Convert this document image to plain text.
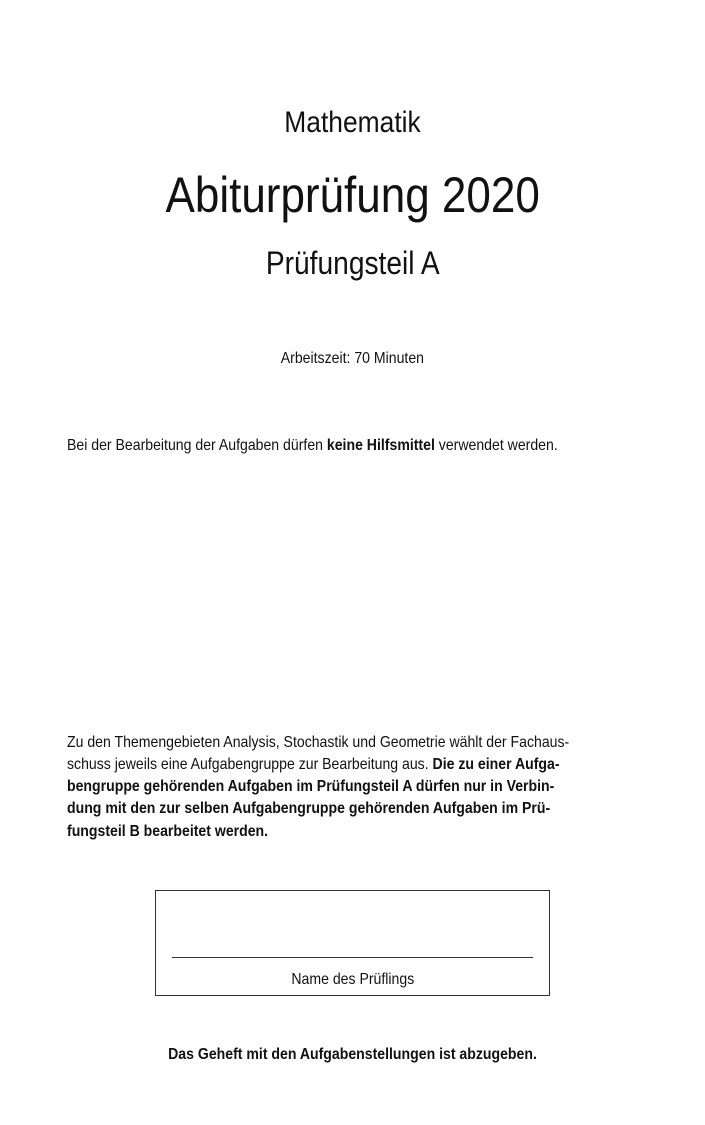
Mathematik
Abiturprüfung 2020
Prüfungsteil A
Arbeitszeit: 70 Minuten
Bei der Bearbeitung der Aufgaben dürfen keine Hilfsmittel verwendet werden.
Zu den Themengebieten Analysis, Stochastik und Geometrie wählt der Fachaus-
schuss jeweils eine Aufgabengruppe zur Bearbeitung aus. Die zu einer Aufga-
bengruppe gehörenden Aufgaben im Prüfungsteil A dürfen nur in Verbin-
dung mit den zur selben Aufgabengruppe gehörenden Aufgaben im Prü-
fungsteil B bearbeitet werden.
Name des Prüflings
Das Geheft mit den Aufgabenstellungen ist abzugeben.
